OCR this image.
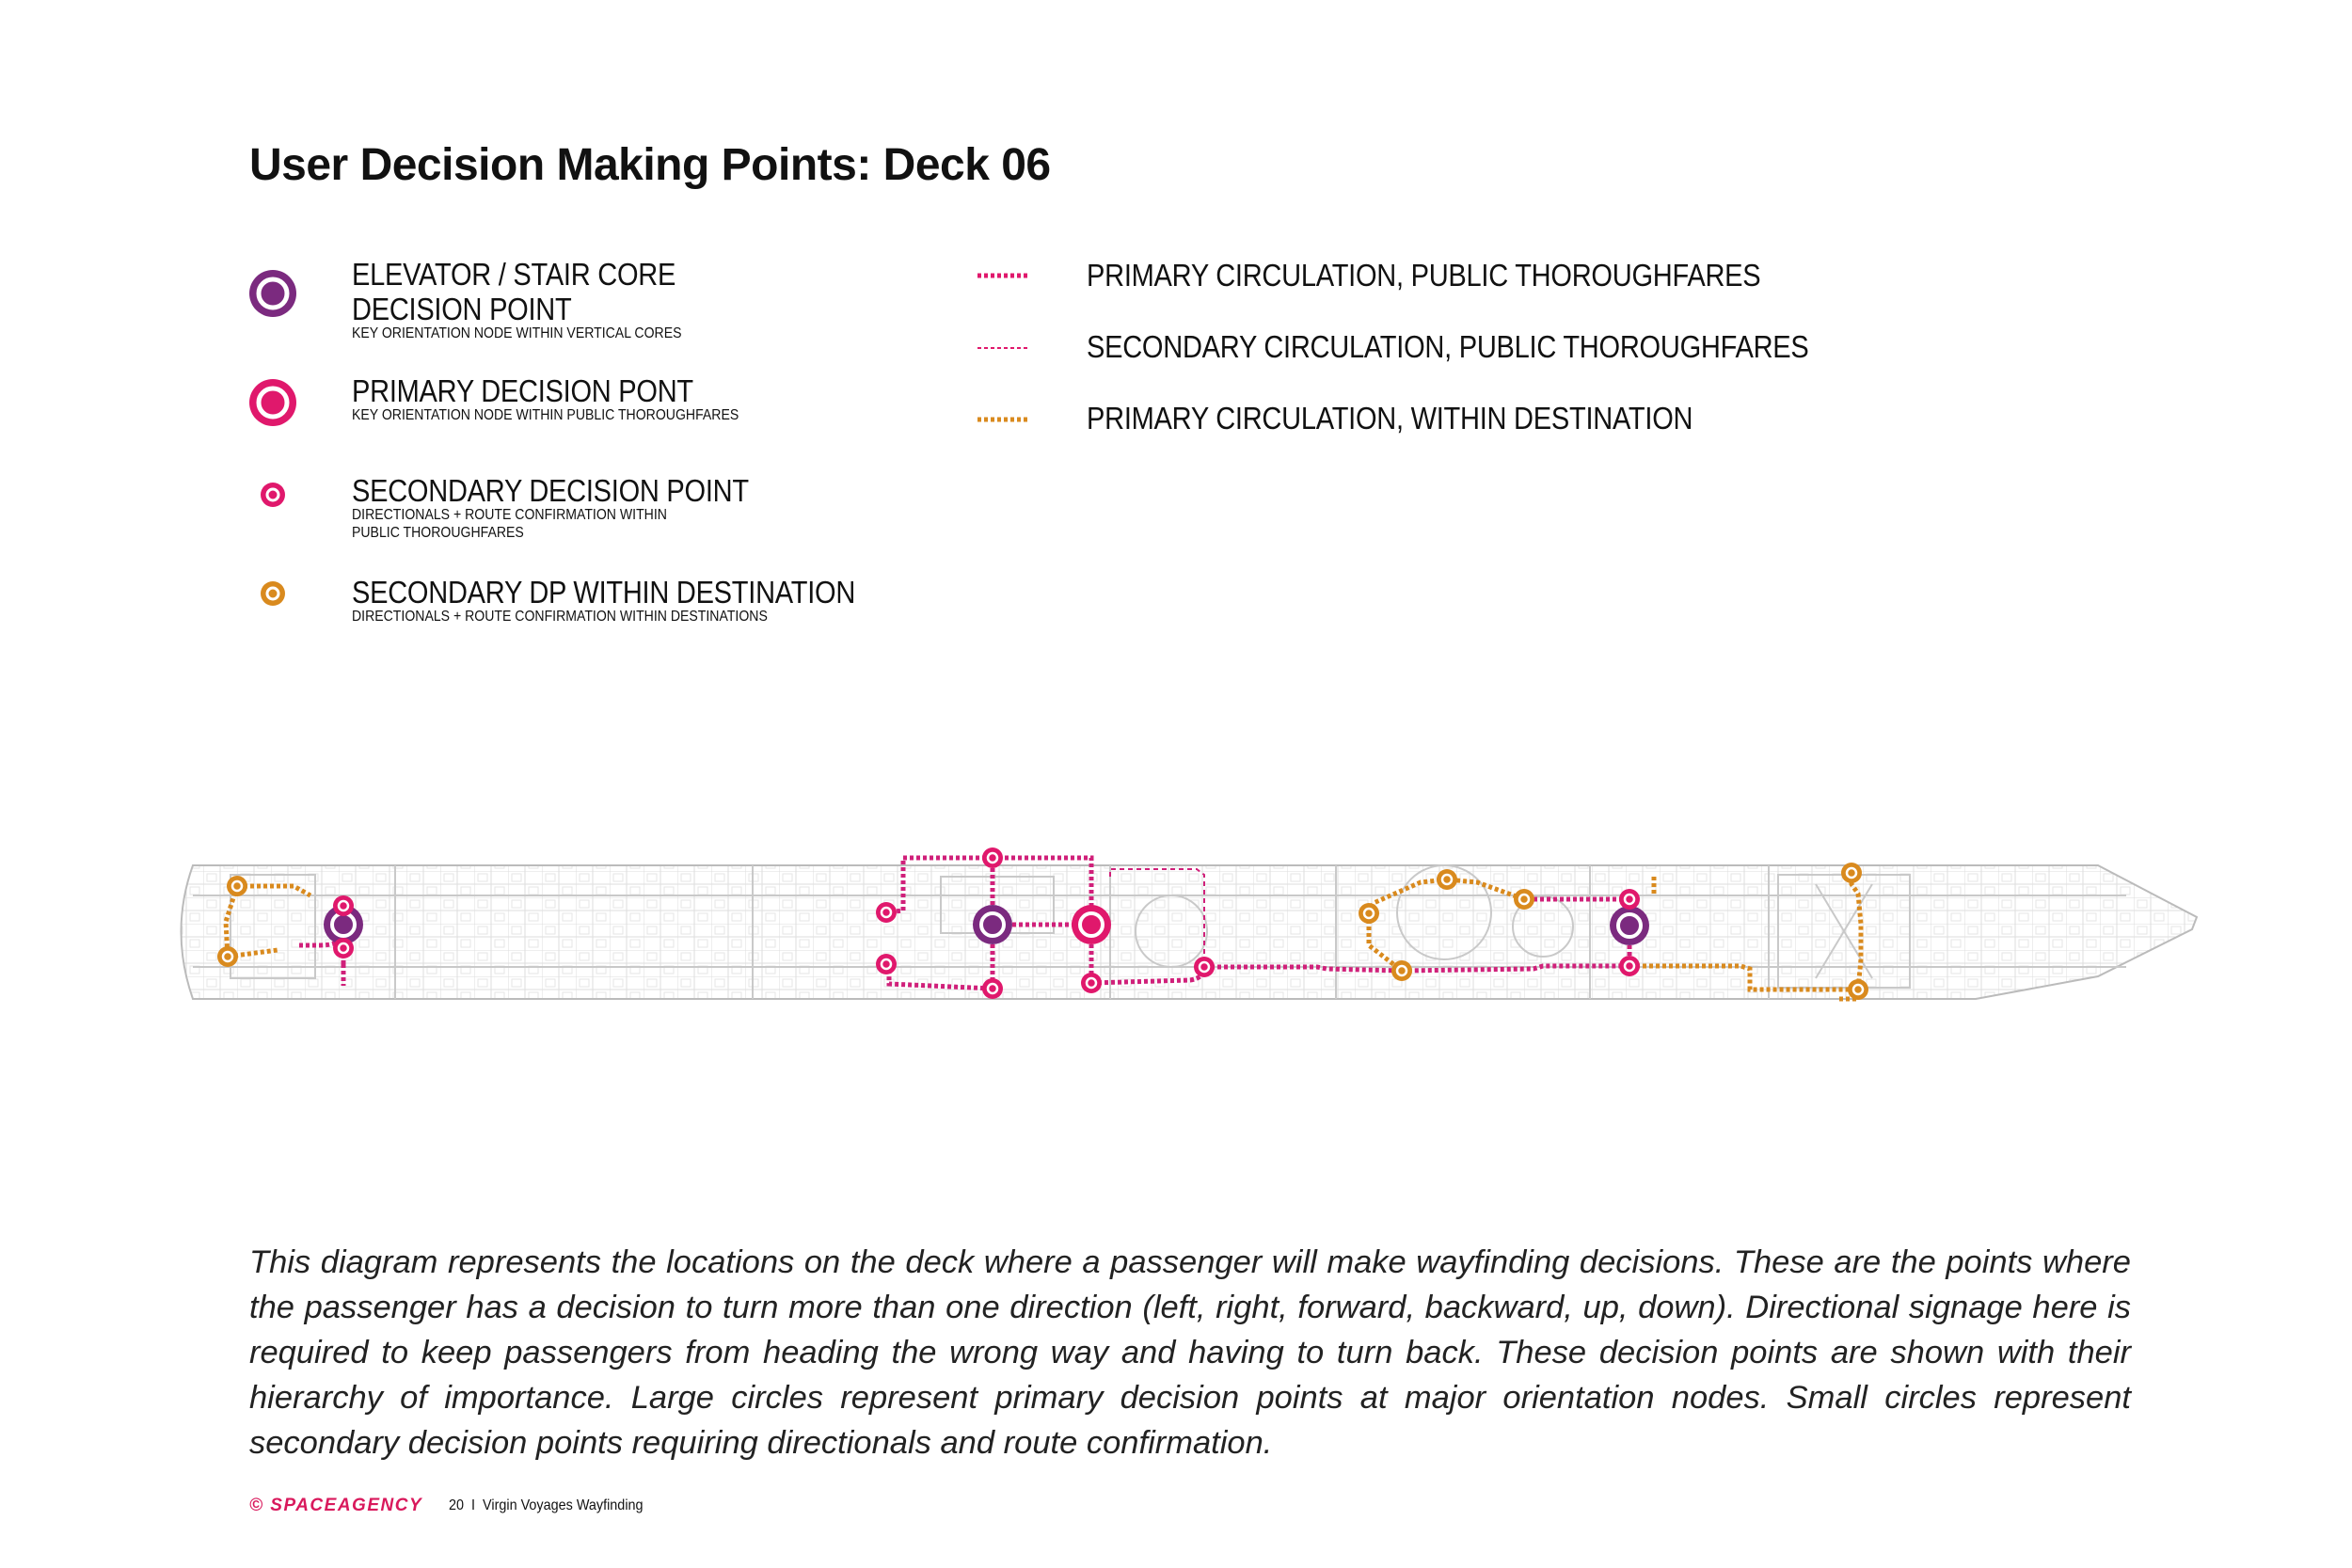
User Decision Making Points: Deck 06
ELEVATOR / STAIR CORE
DECISION POINT
KEY ORIENTATION NODE WITHIN VERTICAL CORES
PRIMARY DECISION PONT
KEY ORIENTATION NODE WITHIN PUBLIC THOROUGHFARES
SECONDARY DECISION POINT
DIRECTIONALS + ROUTE CONFIRMATION WITHIN
PUBLIC THOROUGHFARES
SECONDARY DP WITHIN DESTINATION
DIRECTIONALS + ROUTE CONFIRMATION WITHIN DESTINATIONS
PRIMARY CIRCULATION, PUBLIC THOROUGHFARES
SECONDARY CIRCULATION, PUBLIC THOROUGHFARES
PRIMARY CIRCULATION, WITHIN DESTINATION

This diagram represents the locations on the deck where a passenger will make wayfinding decisions. These are the points where the passenger has a decision to turn more than one direction (left, right, forward, backward, up, down). Directional signage here is required to keep passengers from heading the wrong way and having to turn back. These decision points are shown with their hierarchy of importance. Large circles represent primary decision points at major orientation nodes. Small circles represent secondary decision points requiring directionals and route confirmation.

© SPACEAGENCY 20 I Virgin Voyages Wayfinding
